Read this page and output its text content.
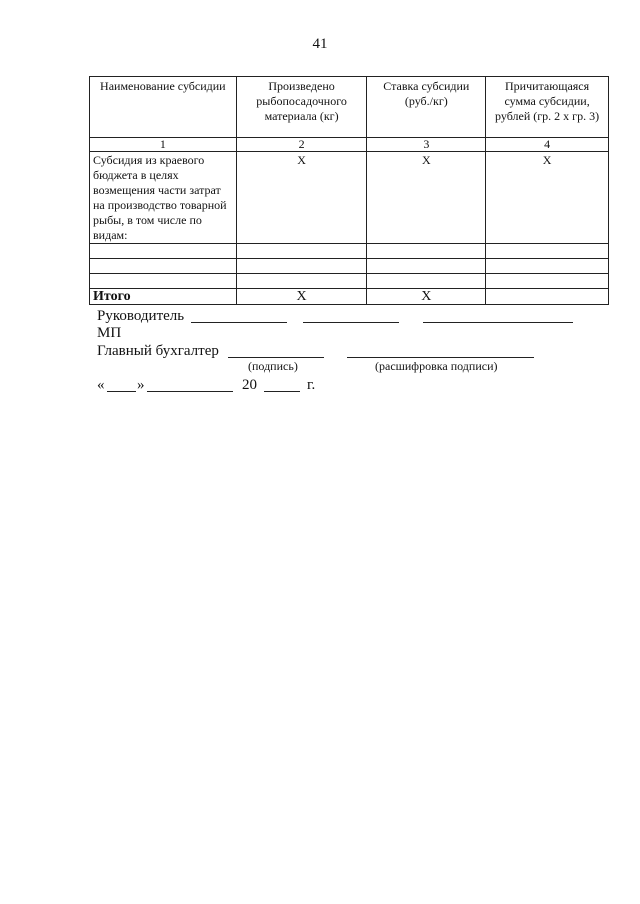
41
Наименование субсидии	Произведено рыбопосадочного материала (кг)	Ставка субсидии (руб./кг)	Причитающаяся сумма субсидии, рублей (гр. 2 х гр. 3)
1	2	3	4
Субсидия из краевого бюджета в целях возмещения части затрат на производство товарной рыбы, в том числе по видам:	Х	Х	Х

Итого	Х	Х	
Руководитель
МП
Главный бухгалтер
(подпись)	(расшифровка подписи)
« »	20	г.
